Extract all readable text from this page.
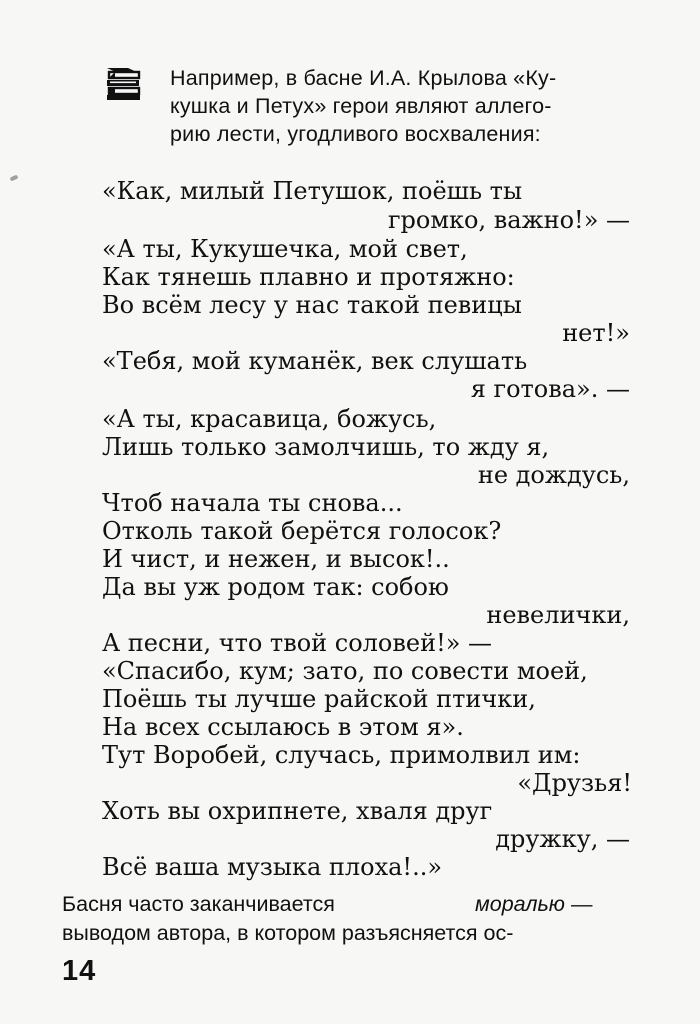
Например, в басне И.А. Крылова «Ку-
кушка и Петух» герои являют аллего-
рию лести, угодливого восхваления:
«Как, милый Петушок, поёшь ты
громко, важно!» —
«А ты, Кукушечка, мой свет,
Как тянешь плавно и протяжно:
Во всём лесу у нас такой певицы
нет!»
«Тебя, мой куманёк, век слушать
я готова». —
«А ты, красавица, божусь,
Лишь только замолчишь, то жду я,
не дождусь,
Чтоб начала ты снова...
Отколь такой берётся голосок?
И чист, и нежен, и высок!..
Да вы уж родом так: собою
невелички,
А песни, что твой соловей!» —
«Спасибо, кум; зато, по совести моей,
Поёшь ты лучше райской птички,
На всех ссылаюсь в этом я».
Тут Воробей, случась, примолвил им:
«Друзья!
Хоть вы охрипнете, хваля друг
дружку, —
Всё ваша музыка плоха!..»
Басня часто заканчивается	моралью —
выводом автора, в котором разъясняется ос-
14
